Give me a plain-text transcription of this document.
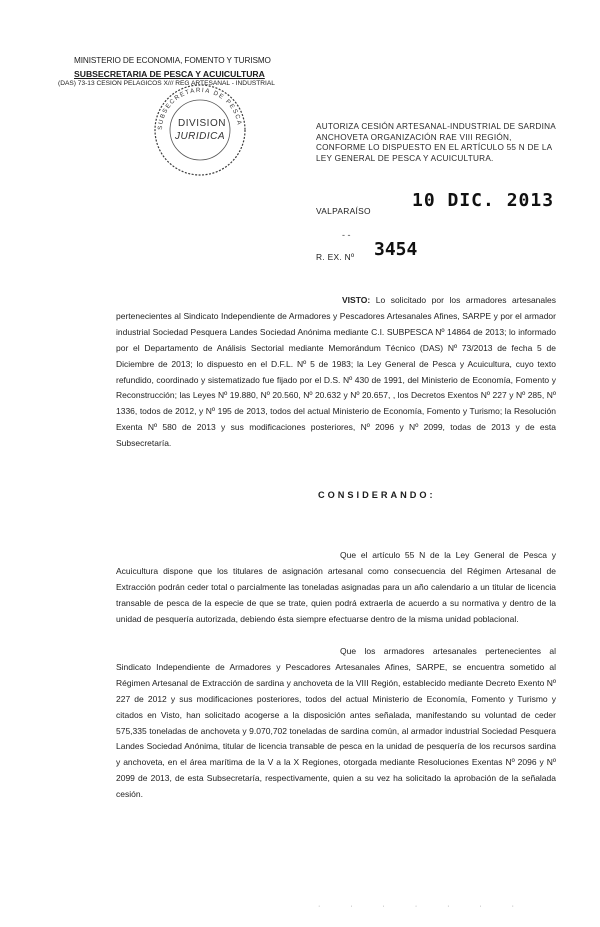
MINISTERIO DE ECONOMIA, FOMENTO Y TURISMO
SUBSECRETARIA DE PESCA Y ACUICULTURA
(DAS) 73-13 CESION PELAGICOS X/// REG ARTESANAL - INDUSTRIAL
SUBSECRETARIA DE PESCA
DIVISION
JURIDICA
AUTORIZA CESIÓN ARTESANAL-INDUSTRIAL DE SARDINA ANCHOVETA ORGANIZACIÓN RAE VIII REGIÓN, CONFORME LO DISPUESTO EN EL ARTÍCULO 55 N DE LA LEY GENERAL DE PESCA Y ACUICULTURA.
VALPARAÍSO 10 DIC. 2013
- -
R. EX. Nº 3454
VISTO: Lo solicitado por los armadores artesanales pertenecientes al Sindicato Independiente de Armadores y Pescadores Artesanales Afines, SARPE y por el armador industrial Sociedad Pesquera Landes Sociedad Anónima mediante C.I. SUBPESCA Nº 14864 de 2013; lo informado por el Departamento de Análisis Sectorial mediante Memorándum Técnico (DAS) Nº 73/2013 de fecha 5 de Diciembre de 2013; lo dispuesto en el D.F.L. Nº 5 de 1983; la Ley General de Pesca y Acuicultura, cuyo texto refundido, coordinado y sistematizado fue fijado por el D.S. Nº 430 de 1991, del Ministerio de Economía, Fomento y Reconstrucción; las Leyes Nº 19.880, Nº 20.560, Nº 20.632 y Nº 20.657, , los Decretos Exentos Nº 227 y Nº 285, Nº 1336, todos de 2012, y Nº 195 de 2013, todos del actual Ministerio de Economía, Fomento y Turismo; la Resolución Exenta Nº 580 de 2013 y sus modificaciones posteriores, Nº 2096 y Nº 2099, todas de 2013 y de esta Subsecretaría.
CONSIDERANDO:
Que el artículo 55 N de la Ley General de Pesca y Acuicultura dispone que los titulares de asignación artesanal como consecuencia del Régimen Artesanal de Extracción podrán ceder total o parcialmente las toneladas asignadas para un año calendario a un titular de licencia transable de pesca de la especie de que se trate, quien podrá extraerla de acuerdo a su normativa y dentro de la unidad de pesquería autorizada, debiendo ésta siempre efectuarse dentro de la misma unidad poblacional.
Que los armadores artesanales pertenecientes al Sindicato Independiente de Armadores y Pescadores Artesanales Afines, SARPE, se encuentra sometido al Régimen Artesanal de Extracción de sardina y anchoveta de la VIII Región, establecido mediante Decreto Exento Nº 227 de 2012 y sus modificaciones posteriores, todos del actual Ministerio de Economía, Fomento y Turismo y citados en Visto, han solicitado acogerse a la disposición antes señalada, manifestando su voluntad de ceder 575,335 toneladas de anchoveta y 9.070,702 toneladas de sardina común, al armador industrial Sociedad Pesquera Landes Sociedad Anónima, titular de licencia transable de pesca en la unidad de pesquería de los recursos sardina y anchoveta, en el área marítima de la V a la X Regiones, otorgada mediante Resoluciones Exentas Nº 2096 y Nº 2099 de 2013, de esta Subsecretaría, respectivamente, quien a su vez ha solicitado la aprobación de la señalada cesión.
· · · · · · ·
